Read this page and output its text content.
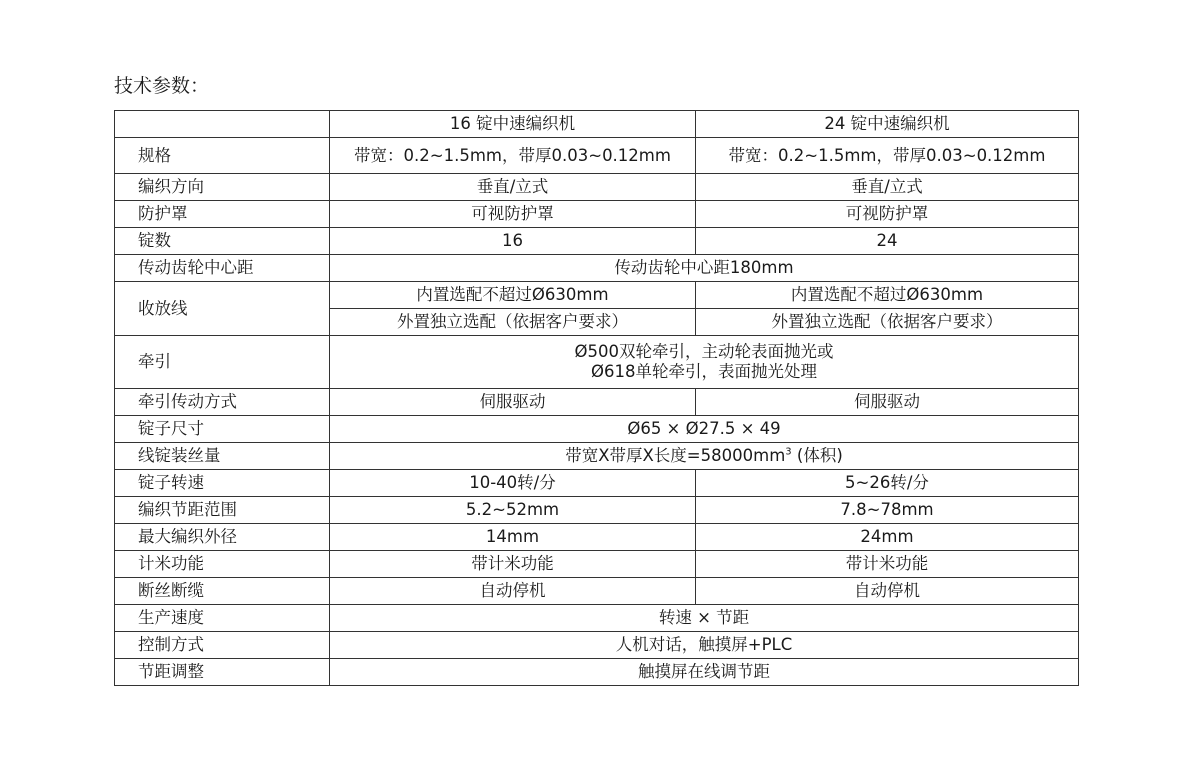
技术参数：
	16 锭中速编织机	24 锭中速编织机
规格	带宽：0.2~1.5mm，带厚0.03~0.12mm	带宽：0.2~1.5mm，带厚0.03~0.12mm
编织方向	垂直/立式	垂直/立式
防护罩	可视防护罩	可视防护罩
锭数	16	24
传动齿轮中心距	传动齿轮中心距180mm	
收放线	内置选配不超过Ø630mm	内置选配不超过Ø630mm
	外置独立选配（依据客户要求）	外置独立选配（依据客户要求）
牵引	Ø500双轮牵引，主动轮表面抛光或
Ø618单轮牵引，表面抛光处理	

牵引传动方式	伺服驱动	伺服驱动
锭子尺寸	Ø65 × Ø27.5 × 49	
线锭装丝量	带宽X带厚X长度$=58000mm^3$ (体积)	
锭子转速	10-40转/分	5~26转/分
编织节距范围	5.2~52mm	7.8~78mm
最大编织外径	14mm	24mm
计米功能	带计米功能	带计米功能
断丝断缆	自动停机	自动停机
生产速度	转速 × 节距	
控制方式	人机对话，触摸屏+PLC	
节距调整	触摸屏在线调节距	
